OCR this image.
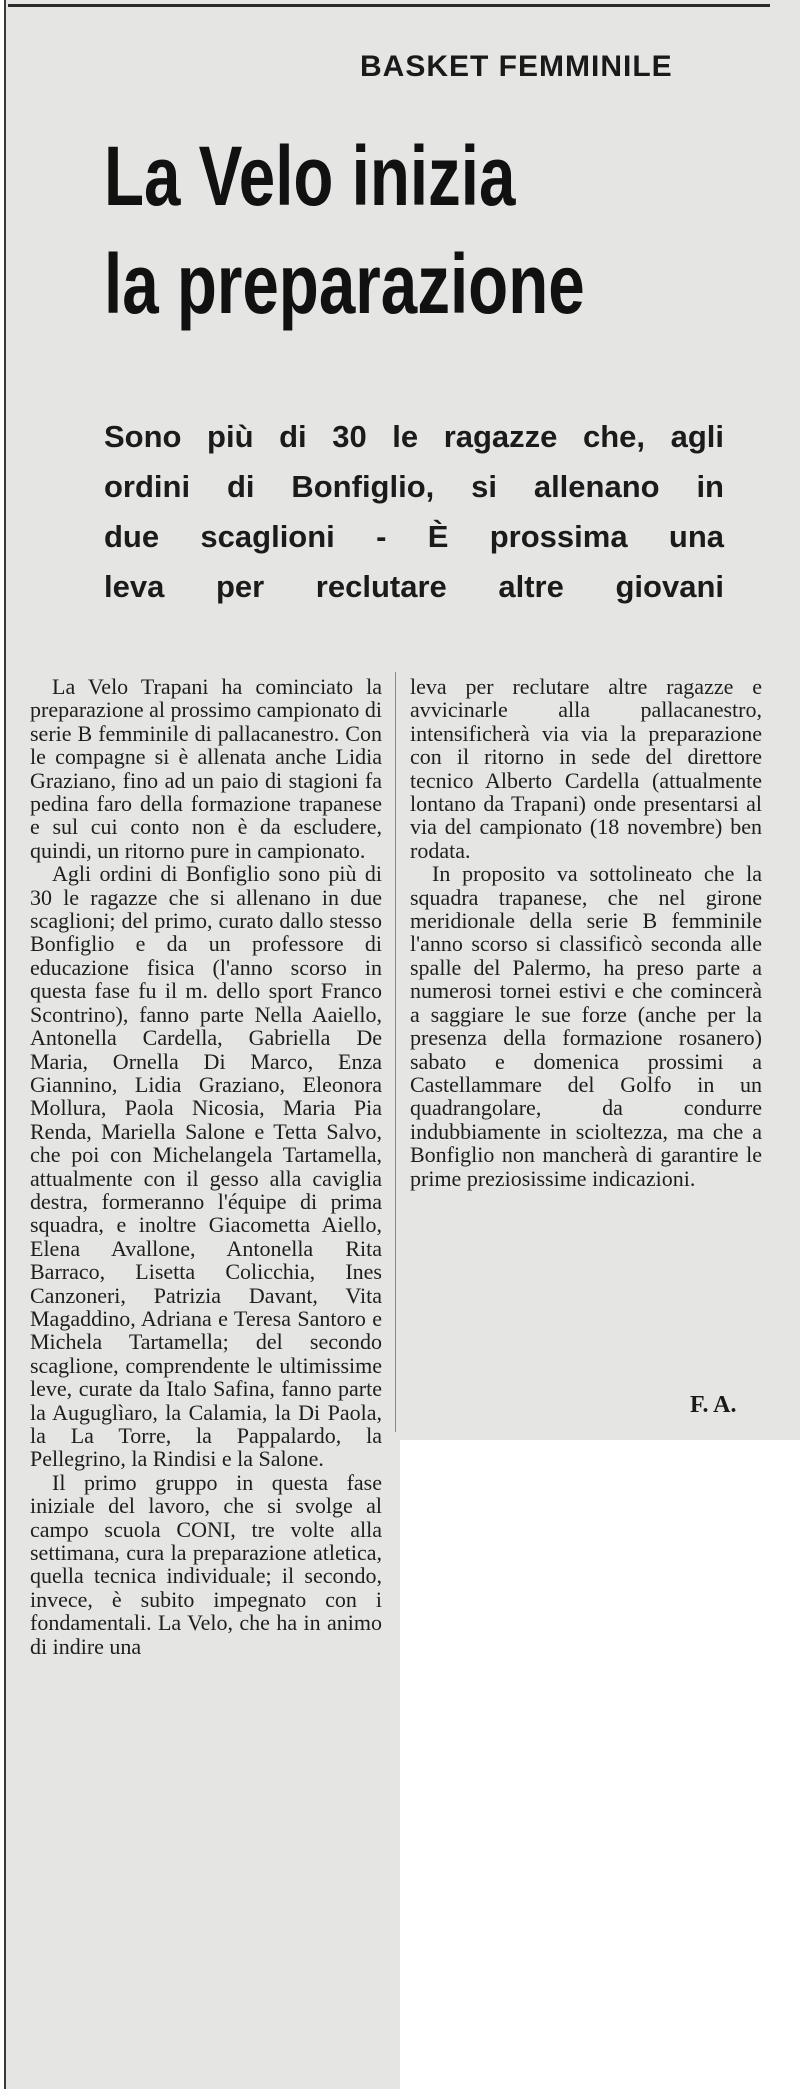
BASKET FEMMINILE
La Velo inizia
la preparazione
Sono più di 30 le ragazze che, agli
ordini di Bonfiglio, si allenano in
due scaglioni - È prossima una
leva per reclutare altre giovani

La Velo Trapani ha cominciato la preparazione al prossimo campionato di serie B femminile di pallacanestro. Con le compagne si è allenata anche Lidia Graziano, fino ad un paio di stagioni fa pedina faro della formazione trapanese e sul cui conto non è da escludere, quindi, un ritorno pure in campionato.

Agli ordini di Bonfiglio sono più di 30 le ragazze che si allenano in due scaglioni; del primo, curato dallo stesso Bonfiglio e da un professore di educazione fisica (l'anno scorso in questa fase fu il m. dello sport Franco Scontrino), fanno parte Nella Aaiello, Antonella Cardella, Gabriella De Maria, Ornella Di Marco, Enza Giannino, Lidia Graziano, Eleonora Mollura, Paola Nicosia, Maria Pia Renda, Mariella Salone e Tetta Salvo, che poi con Michelangela Tartamella, attualmente con il gesso alla caviglia destra, formeranno l'équipe di prima squadra, e inoltre Giacometta Aiello, Elena Avallone, Antonella Rita Barraco, Lisetta Colicchia, Ines Canzoneri, Patrizia Davant, Vita Magaddino, Adriana e Teresa Santoro e Michela Tartamella; del secondo scaglione, comprendente le ultimissime leve, curate da Italo Safina, fanno parte la Auguglìaro, la Calamia, la Di Paola, la La Torre, la Pappalardo, la Pellegrino, la Rindisi e la Salone.

Il primo gruppo in questa fase iniziale del lavoro, che si svolge al campo scuola CONI, tre volte alla settimana, cura la preparazione atletica, quella tecnica individuale; il secondo, invece, è subito impegnato con i fondamentali. La Velo, che ha in animo di indire una

leva per reclutare altre ragazze e avvicinarle alla pallacanestro, intensificherà via via la preparazione con il ritorno in sede del direttore tecnico Alberto Cardella (attualmente lontano da Trapani) onde presentarsi al via del campionato (18 novembre) ben rodata.

In proposito va sottolineato che la squadra trapanese, che nel girone meridionale della serie B femminile l'anno scorso si classificò seconda alle spalle del Palermo, ha preso parte a numerosi tornei estivi e che comincerà a saggiare le sue forze (anche per la presenza della formazione rosanero) sabato e domenica prossimi a Castellammare del Golfo in un quadrangolare, da condurre indubbiamente in scioltezza, ma che a Bonfiglio non mancherà di garantire le prime preziosissime indicazioni.

F. A.
